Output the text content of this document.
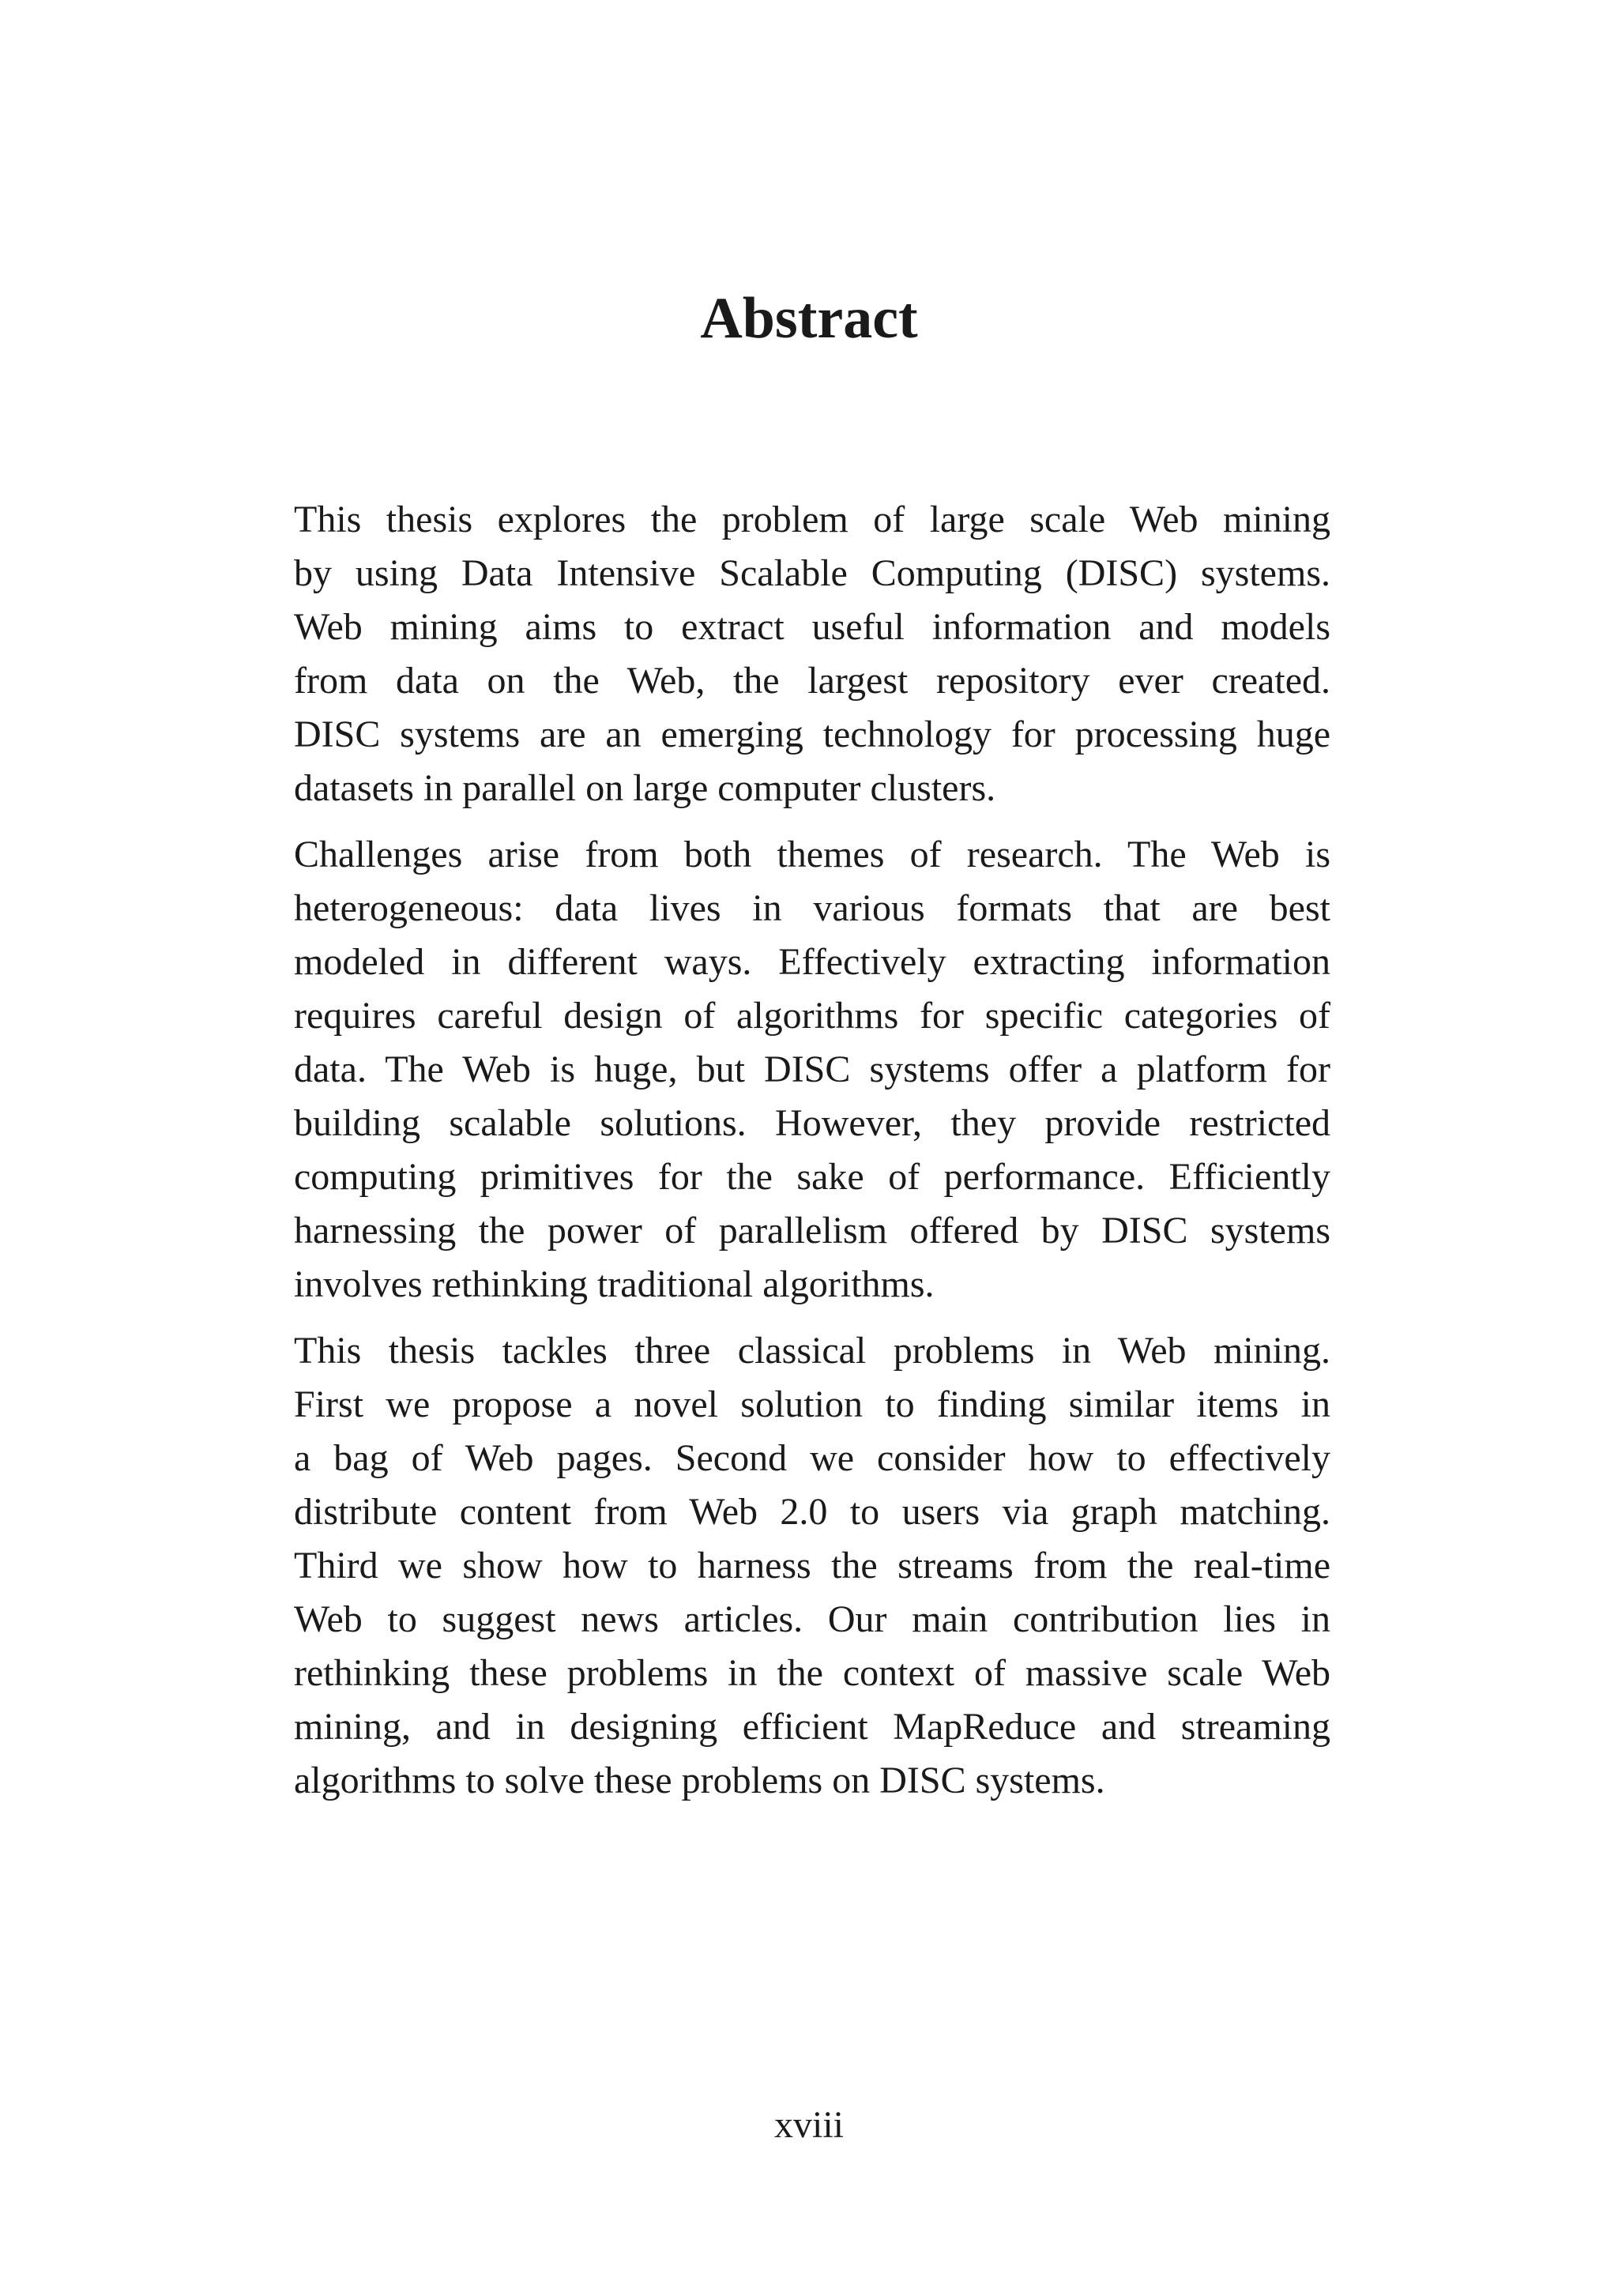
Abstract

This thesis explores the problem of large scale Web mining
by using Data Intensive Scalable Computing (DISC) systems.
Web mining aims to extract useful information and models
from data on the Web, the largest repository ever created.
DISC systems are an emerging technology for processing huge
datasets in parallel on large computer clusters.

Challenges arise from both themes of research. The Web is
heterogeneous: data lives in various formats that are best
modeled in different ways. Effectively extracting information
requires careful design of algorithms for specific categories of
data. The Web is huge, but DISC systems offer a platform for
building scalable solutions. However, they provide restricted
computing primitives for the sake of performance. Efficiently
harnessing the power of parallelism offered by DISC systems
involves rethinking traditional algorithms.

This thesis tackles three classical problems in Web mining.
First we propose a novel solution to finding similar items in
a bag of Web pages. Second we consider how to effectively
distribute content from Web 2.0 to users via graph matching.
Third we show how to harness the streams from the real-time
Web to suggest news articles. Our main contribution lies in
rethinking these problems in the context of massive scale Web
mining, and in designing efficient MapReduce and streaming
algorithms to solve these problems on DISC systems.

xviii
